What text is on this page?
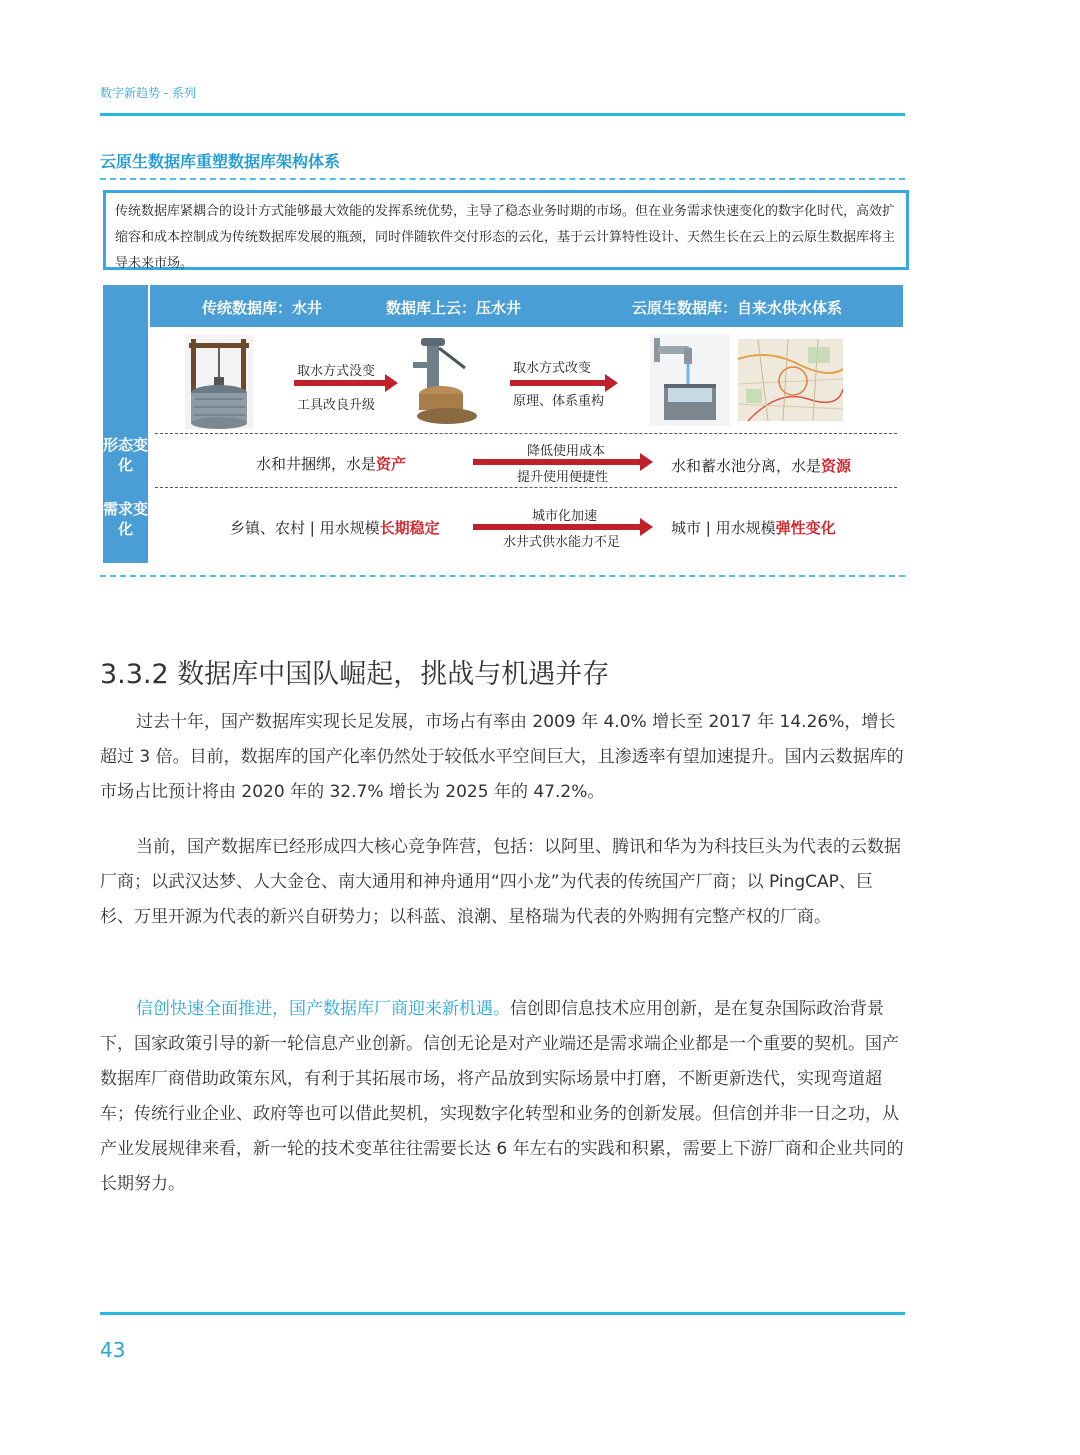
数字新趋势 - 系列
云原生数据库重塑数据库架构体系
传统数据库紧耦合的设计方式能够最大效能的发挥系统优势，主导了稳态业务时期的市场。但在业务需求快速变化的数字化时代，高效扩缩容和成本控制成为传统数据库发展的瓶颈，同时伴随软件交付形态的云化，基于云计算特性设计、天然生长在云上的云原生数据库将主导未来市场。
形态变化
需求变化
传统数据库：水井	数据库上云：压水井	云原生数据库：自来水供水体系
取水方式没变
工具改良升级
取水方式改变
原理、体系重构
水和井捆绑，水是资产
降低使用成本
提升使用便捷性
水和蓄水池分离，水是资源
乡镇、农村 | 用水规模长期稳定
城市化加速
水井式供水能力不足
城市 | 用水规模弹性变化
3.3.2 数据库中国队崛起，挑战与机遇并存
过去十年，国产数据库实现长足发展，市场占有率由 2009 年 4.0% 增长至 2017 年 14.26%，增长超过 3 倍。目前，数据库的国产化率仍然处于较低水平空间巨大，且渗透率有望加速提升。国内云数据库的市场占比预计将由 2020 年的 32.7% 增长为 2025 年的 47.2%。
当前，国产数据库已经形成四大核心竞争阵营，包括：以阿里、腾讯和华为为科技巨头为代表的云数据厂商；以武汉达梦、人大金仓、南大通用和神舟通用“四小龙”为代表的传统国产厂商；以 PingCAP、巨杉、万里开源为代表的新兴自研势力；以科蓝、浪潮、星格瑞为代表的外购拥有完整产权的厂商。
信创快速全面推进，国产数据库厂商迎来新机遇。信创即信息技术应用创新，是在复杂国际政治背景下，国家政策引导的新一轮信息产业创新。信创无论是对产业端还是需求端企业都是一个重要的契机。国产数据库厂商借助政策东风，有利于其拓展市场，将产品放到实际场景中打磨，不断更新迭代，实现弯道超车；传统行业企业、政府等也可以借此契机，实现数字化转型和业务的创新发展。但信创并非一日之功，从产业发展规律来看，新一轮的技术变革往往需要长达 6 年左右的实践和积累，需要上下游厂商和企业共同的长期努力。
43
